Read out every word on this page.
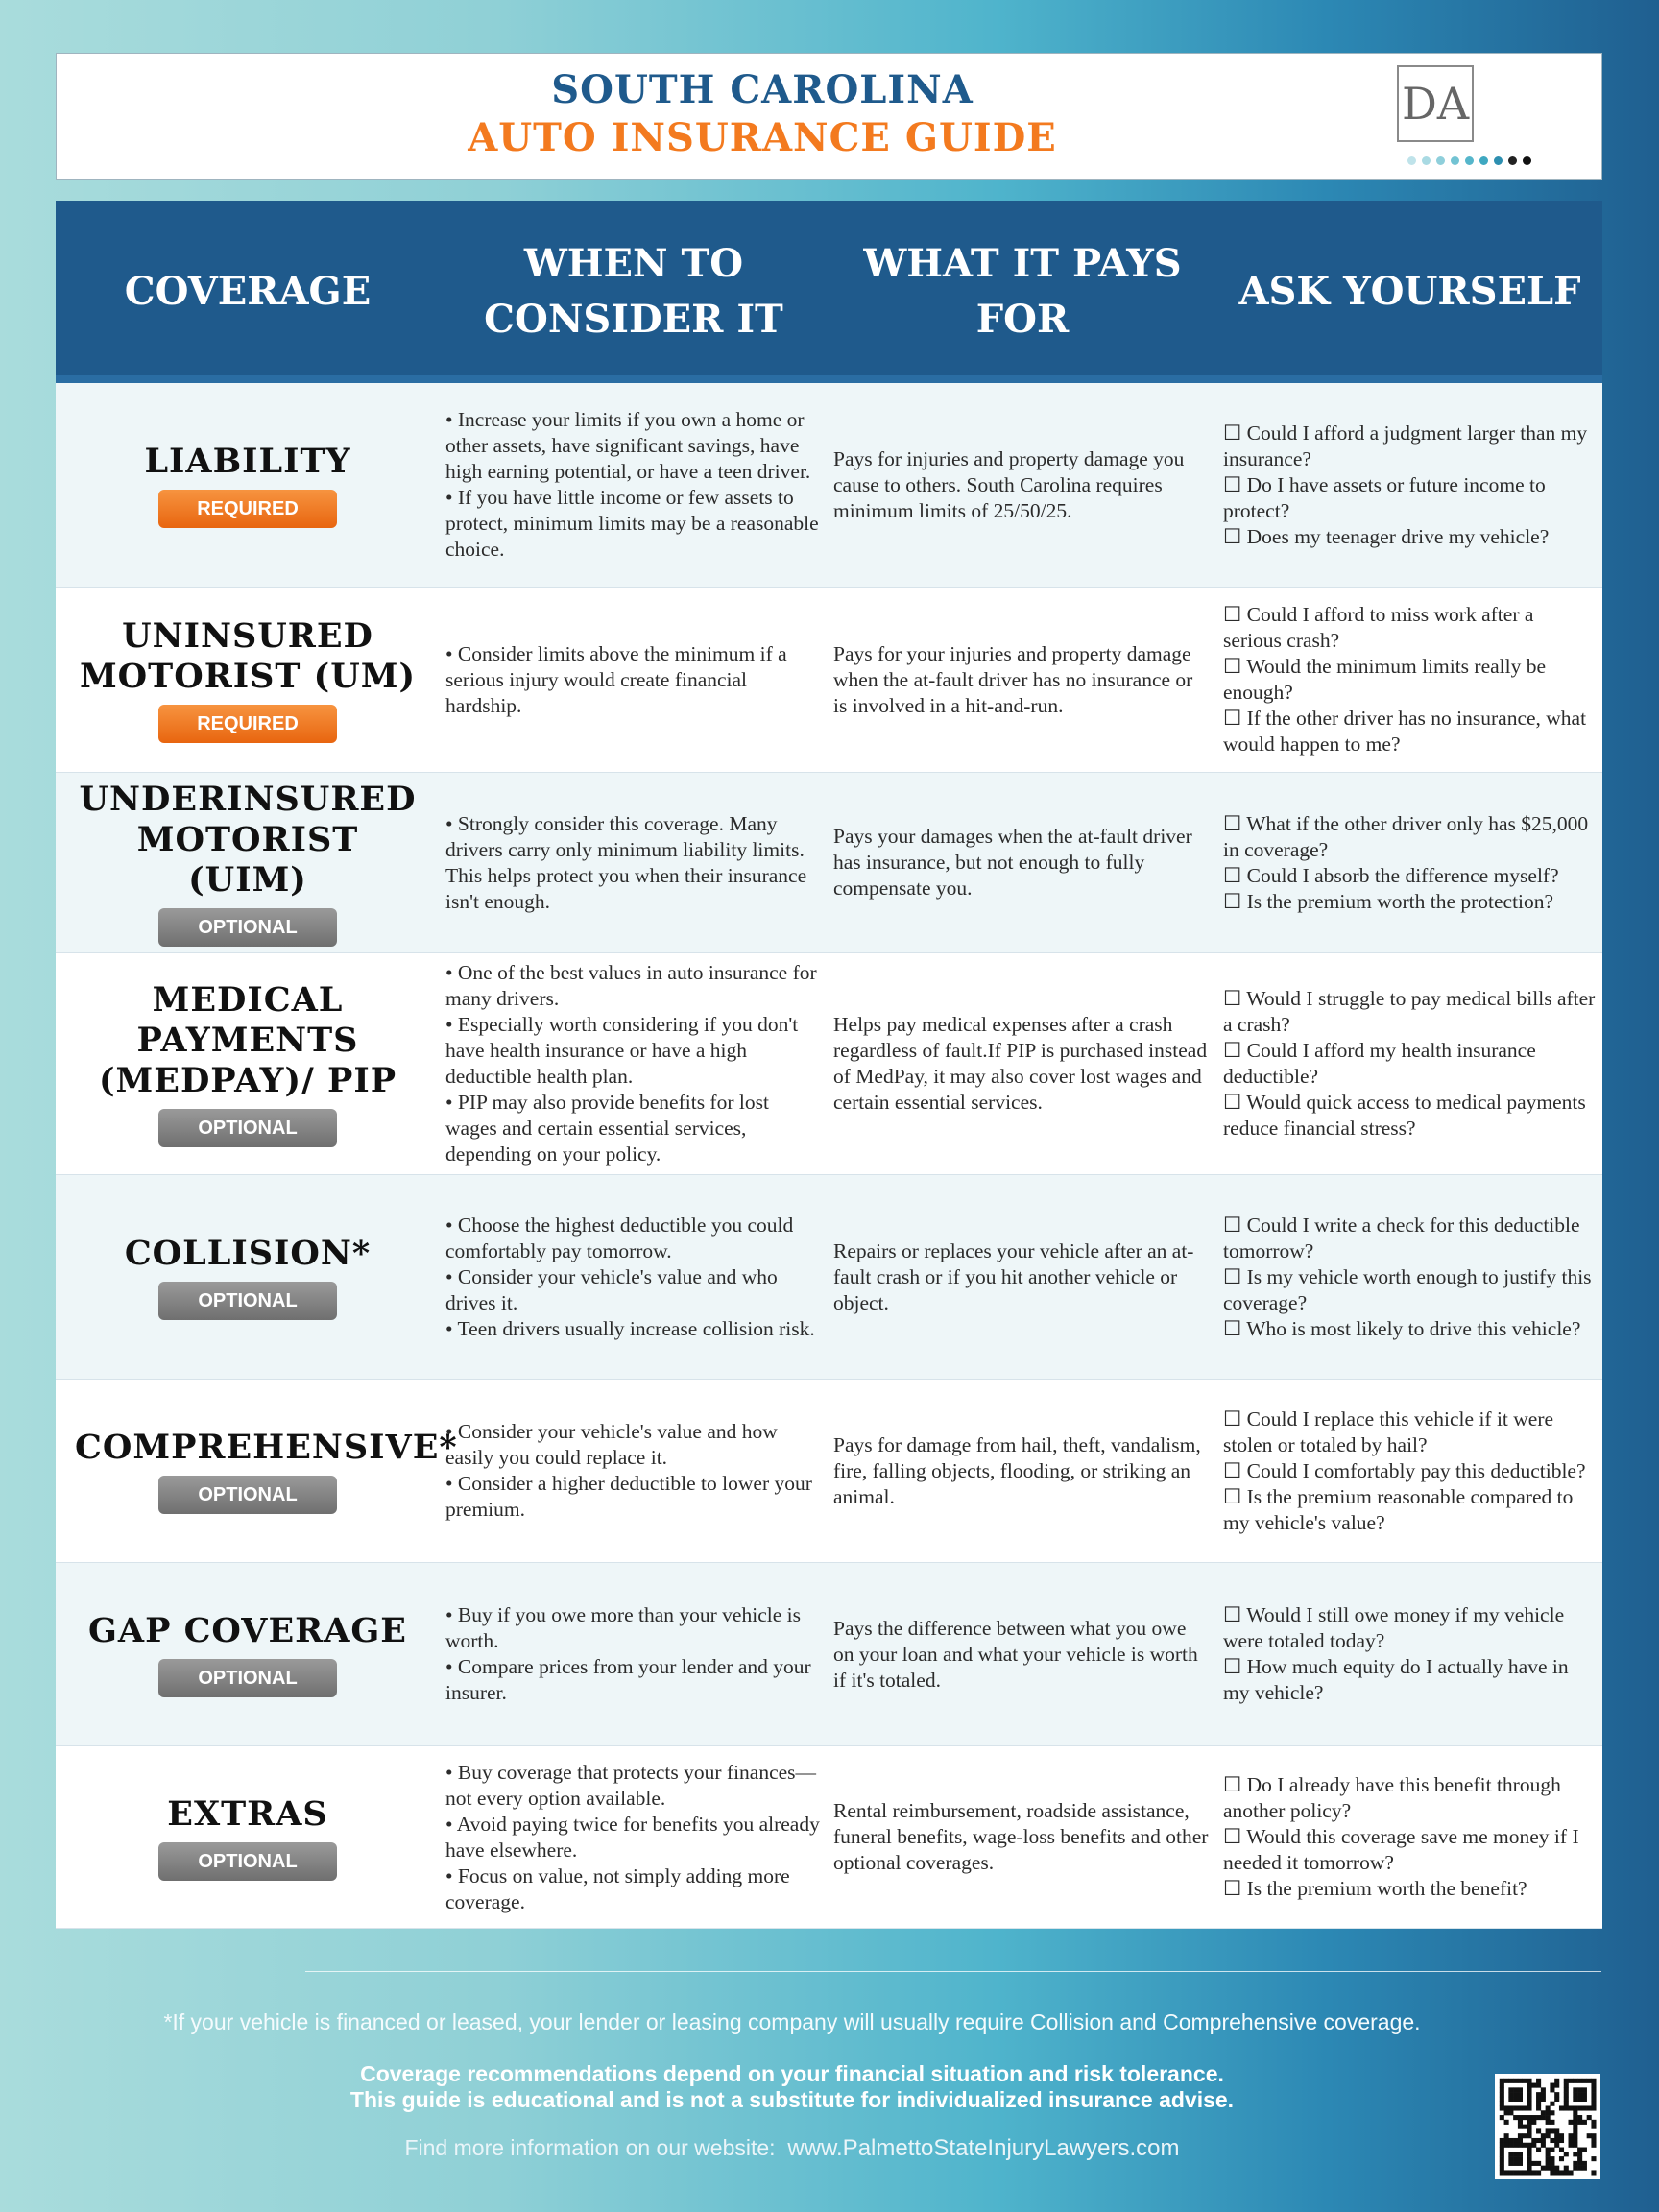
SOUTH CAROLINA
AUTO INSURANCE GUIDE
DA
COVERAGE
WHEN TO
CONSIDER IT
WHAT IT PAYS
FOR
ASK YOURSELF
LIABILITY
REQUIRED
• Increase your limits if you own a home or other assets, have significant savings, have high earning potential, or have a teen driver.
• If you have little income or few assets to protect, minimum limits may be a reasonable choice.
Pays for injuries and property damage you cause to others. South Carolina requires minimum limits of 25/50/25.
☐ Could I afford a judgment larger than my insurance?
☐ Do I have assets or future income to protect?
☐ Does my teenager drive my vehicle?
UNINSURED MOTORIST (UM)
REQUIRED
• Consider limits above the minimum if a serious injury would create financial hardship.
Pays for your injuries and property damage when the at-fault driver has no insurance or is involved in a hit-and-run.
☐ Could I afford to miss work after a serious crash?
☐ Would the minimum limits really be enough?
☐ If the other driver has no insurance, what would happen to me?
UNDERINSURED MOTORIST (UIM)
OPTIONAL
• Strongly consider this coverage. Many drivers carry only minimum liability limits. This helps protect you when their insurance isn't enough.
Pays your damages when the at-fault driver has insurance, but not enough to fully compensate you.
☐ What if the other driver only has $25,000 in coverage?
☐ Could I absorb the difference myself?
☐ Is the premium worth the protection?
MEDICAL PAYMENTS (MEDPAY)/ PIP
OPTIONAL
• One of the best values in auto insurance for many drivers.
• Especially worth considering if you don't have health insurance or have a high deductible health plan.
• PIP may also provide benefits for lost wages and certain essential services, depending on your policy.
Helps pay medical expenses after a crash regardless of fault.If PIP is purchased instead of MedPay, it may also cover lost wages and certain essential services.
☐ Would I struggle to pay medical bills after a crash?
☐ Could I afford my health insurance deductible?
☐ Would quick access to medical payments reduce financial stress?
COLLISION*
OPTIONAL
• Choose the highest deductible you could comfortably pay tomorrow.
• Consider your vehicle's value and who drives it.
• Teen drivers usually increase collision risk.
Repairs or replaces your vehicle after an at-fault crash or if you hit another vehicle or object.
☐ Could I write a check for this deductible tomorrow?
☐ Is my vehicle worth enough to justify this coverage?
☐ Who is most likely to drive this vehicle?
COMPREHENSIVE*
OPTIONAL
• Consider your vehicle's value and how easily you could replace it.
• Consider a higher deductible to lower your premium.
Pays for damage from hail, theft, vandalism, fire, falling objects, flooding, or striking an animal.
☐ Could I replace this vehicle if it were stolen or totaled by hail?
☐ Could I comfortably pay this deductible?
☐ Is the premium reasonable compared to my vehicle's value?
GAP COVERAGE
OPTIONAL
• Buy if you owe more than your vehicle is worth.
• Compare prices from your lender and your insurer.
Pays the difference between what you owe on your loan and what your vehicle is worth if it's totaled.
☐ Would I still owe money if my vehicle were totaled today?
☐ How much equity do I actually have in my vehicle?
EXTRAS
OPTIONAL
• Buy coverage that protects your finances—not every option available.
• Avoid paying twice for benefits you already have elsewhere.
• Focus on value, not simply adding more coverage.
Rental reimbursement, roadside assistance, funeral benefits, wage-loss benefits and other optional coverages.
☐ Do I already have this benefit through another policy?
☐ Would this coverage save me money if I needed it tomorrow?
☐ Is the premium worth the benefit?
*If your vehicle is financed or leased, your lender or leasing company will usually require Collision and Comprehensive coverage.
Coverage recommendations depend on your financial situation and risk tolerance.
This guide is educational and is not a substitute for individualized insurance advise.
Find more information on our website: www.PalmettoStateInjuryLawyers.com
